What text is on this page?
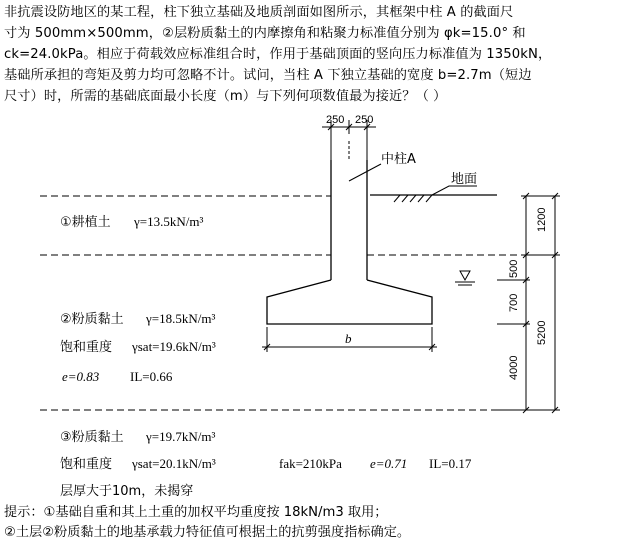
非抗震设防地区的某工程，柱下独立基础及地质剖面如图所示，其框架中柱 A 的截面尺
寸为 500mm×500mm，②层粉质黏土的内摩擦角和粘聚力标准值分别为 φk=15.0° 和
ck=24.0kPa。相应于荷载效应标准组合时，作用于基础顶面的竖向压力标准值为 1350kN，
基础所承担的弯矩及剪力均可忽略不计。试问，当柱 A 下独立基础的宽度 b=2.7m（短边
尺寸）时，所需的基础底面最小长度（m）与下列何项数值最为接近？（ ）
250 250
中柱A
地面
1200
500
700
4000
5200
b
①耕植土 γ=13.5kN/m³
②粉质黏土 γ=18.5kN/m³
饱和重度 γsat=19.6kN/m³
e=0.83 IL=0.66
③粉质黏土 γ=19.7kN/m³
饱和重度 γsat=20.1kN/m³	fak=210kPa e=0.71 IL=0.17
层厚大于10m，未揭穿
提示：①基础自重和其上土重的加权平均重度按 18kN/m3 取用；
②土层②粉质黏土的地基承载力特征值可根据土的抗剪强度指标确定。
